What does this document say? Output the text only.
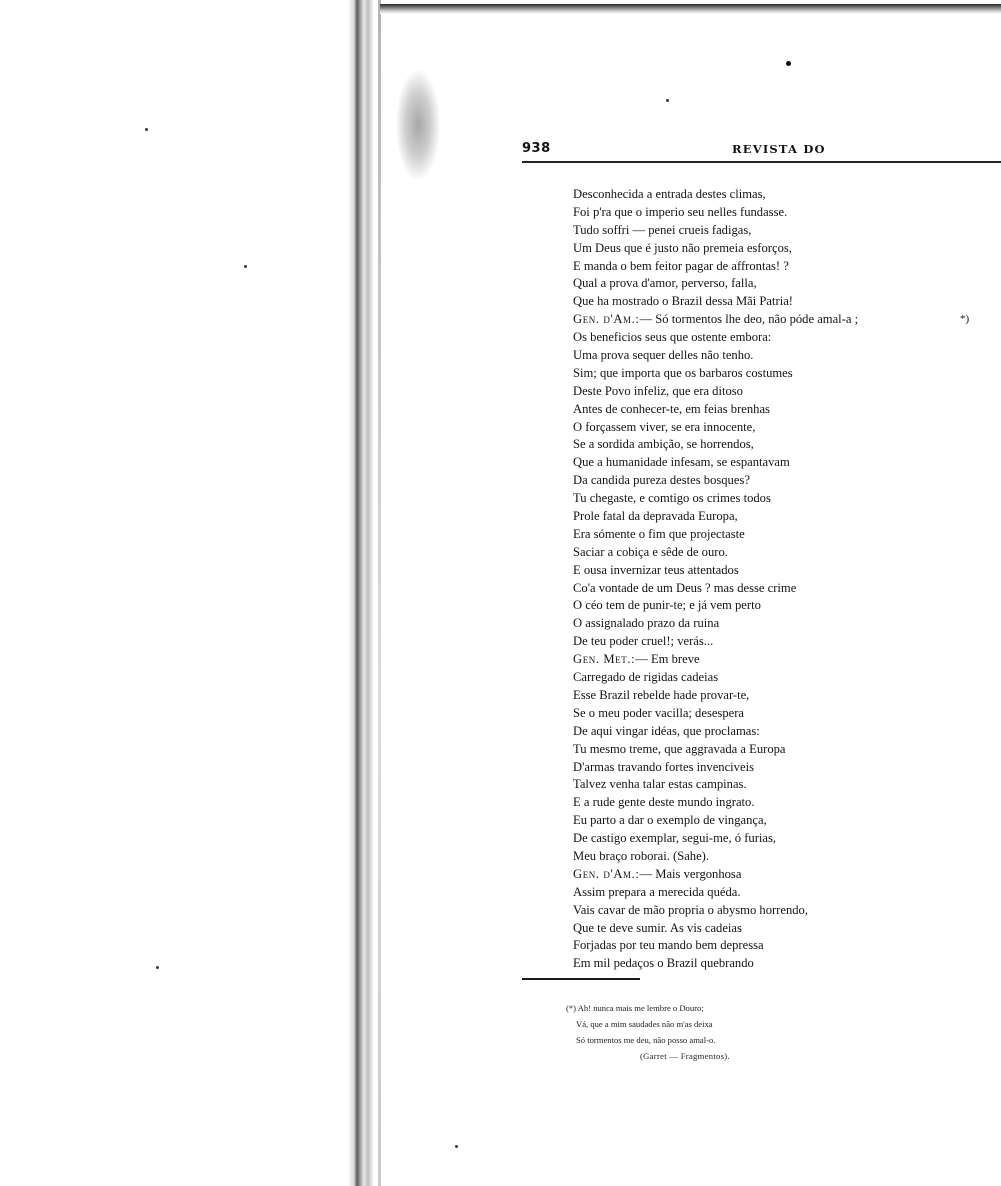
938	REVISTA DO
Desconhecida a entrada destes climas,
Foi p'ra que o imperio seu nelles fundasse.
Tudo soffri — penei crueis fadigas,
Um Deus que é justo não premeia esforços,
E manda o bem feitor pagar de affrontas! ?
Qual a prova d'amor, perverso, falla,
Que ha mostrado o Brazil dessa Mãi Patria!
Gen. d'Am.:— Só tormentos lhe deo, não póde amal-a ;	*)
Os beneficios seus que ostente embora:
Uma prova sequer delles não tenho.
Sim; que importa que os barbaros costumes
Deste Povo infeliz, que era ditoso
Antes de conhecer-te, em feias brenhas
O forçassem viver, se era innocente,
Se a sordida ambição, se horrendos,
Que a humanidade infesam, se espantavam
Da candida pureza destes bosques?
Tu chegaste, e comtigo os crimes todos
Prole fatal da depravada Europa,
Era sómente o fim que projectaste
Saciar a cobiça e sêde de ouro.
E ousa invernizar teus attentados
Co'a vontade de um Deus ? mas desse crime
O céo tem de punir-te; e já vem perto
O assignalado prazo da ruina
De teu poder cruel!; verás...
Gen. Met.:— Em breve
Carregado de rigidas cadeias
Esse Brazil rebelde hade provar-te,
Se o meu poder vacilla; desespera
De aqui vingar idéas, que proclamas:
Tu mesmo treme, que aggravada a Europa
D'armas travando fortes invenciveis
Talvez venha talar estas campinas.
E a rude gente deste mundo ingrato.
Eu parto a dar o exemplo de vingança,
De castigo exemplar, segui-me, ó furias,
Meu braço roborai. (Sahe).
Gen. d'Am.:— Mais vergonhosa
Assim prepara a merecida quéda.
Vais cavar de mão propria o abysmo horrendo,
Que te deve sumir. As vis cadeias
Forjadas por teu mando bem depressa
Em mil pedaços o Brazil quebrando
(*) Ah! nunca mais me lembre o Douro;
Vá, que a mim saudades não m'as deixa
Só tormentos me deu, não posso amal-o.
(Garret — Fragmentos).
